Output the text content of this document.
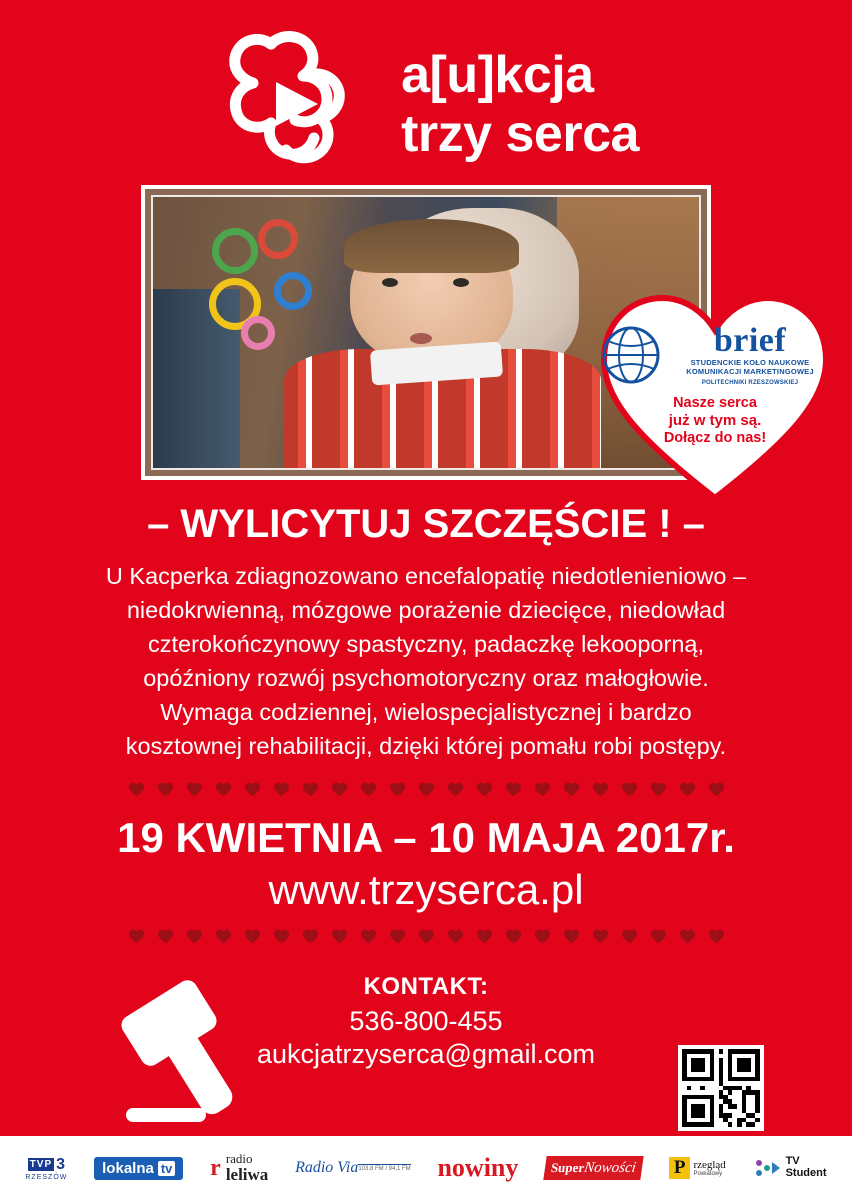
a[u]kcja
trzy serca
brief
STUDENCKIE KOŁO NAUKOWE
KOMUNIKACJI MARKETINGOWEJ
POLITECHNIKI RZESZOWSKIEJ
Nasze serca
już w tym są.
Dołącz do nas!
– WYLICYTUJ SZCZĘŚCIE ! –

U Kacperka zdiagnozowano encefalopatię niedotlenieniowo –

niedokrwienną, mózgowe porażenie dziecięce, niedowład

czterokończynowy spastyczny, padaczkę lekooporną,

opóźniony rozwój psychomotoryczny oraz małogłowie.

Wymaga codziennej, wielospecjalistycznej i bardzo

kosztownej rehabilitacji, dzięki której pomału robi postępy.

19 KWIETNIA – 10 MAJA 2017r.
www.trzyserca.pl
KONTAKT:
536-800-455
aukcjatrzyserca@gmail.com
TVP 3
RZESZÓW
lokalna tv r radio
leliwa Radio Via 103.8 FM / 94,1 FM nowiny	SuperNowości	P rzegląd
Powiatowy
TV
Student
